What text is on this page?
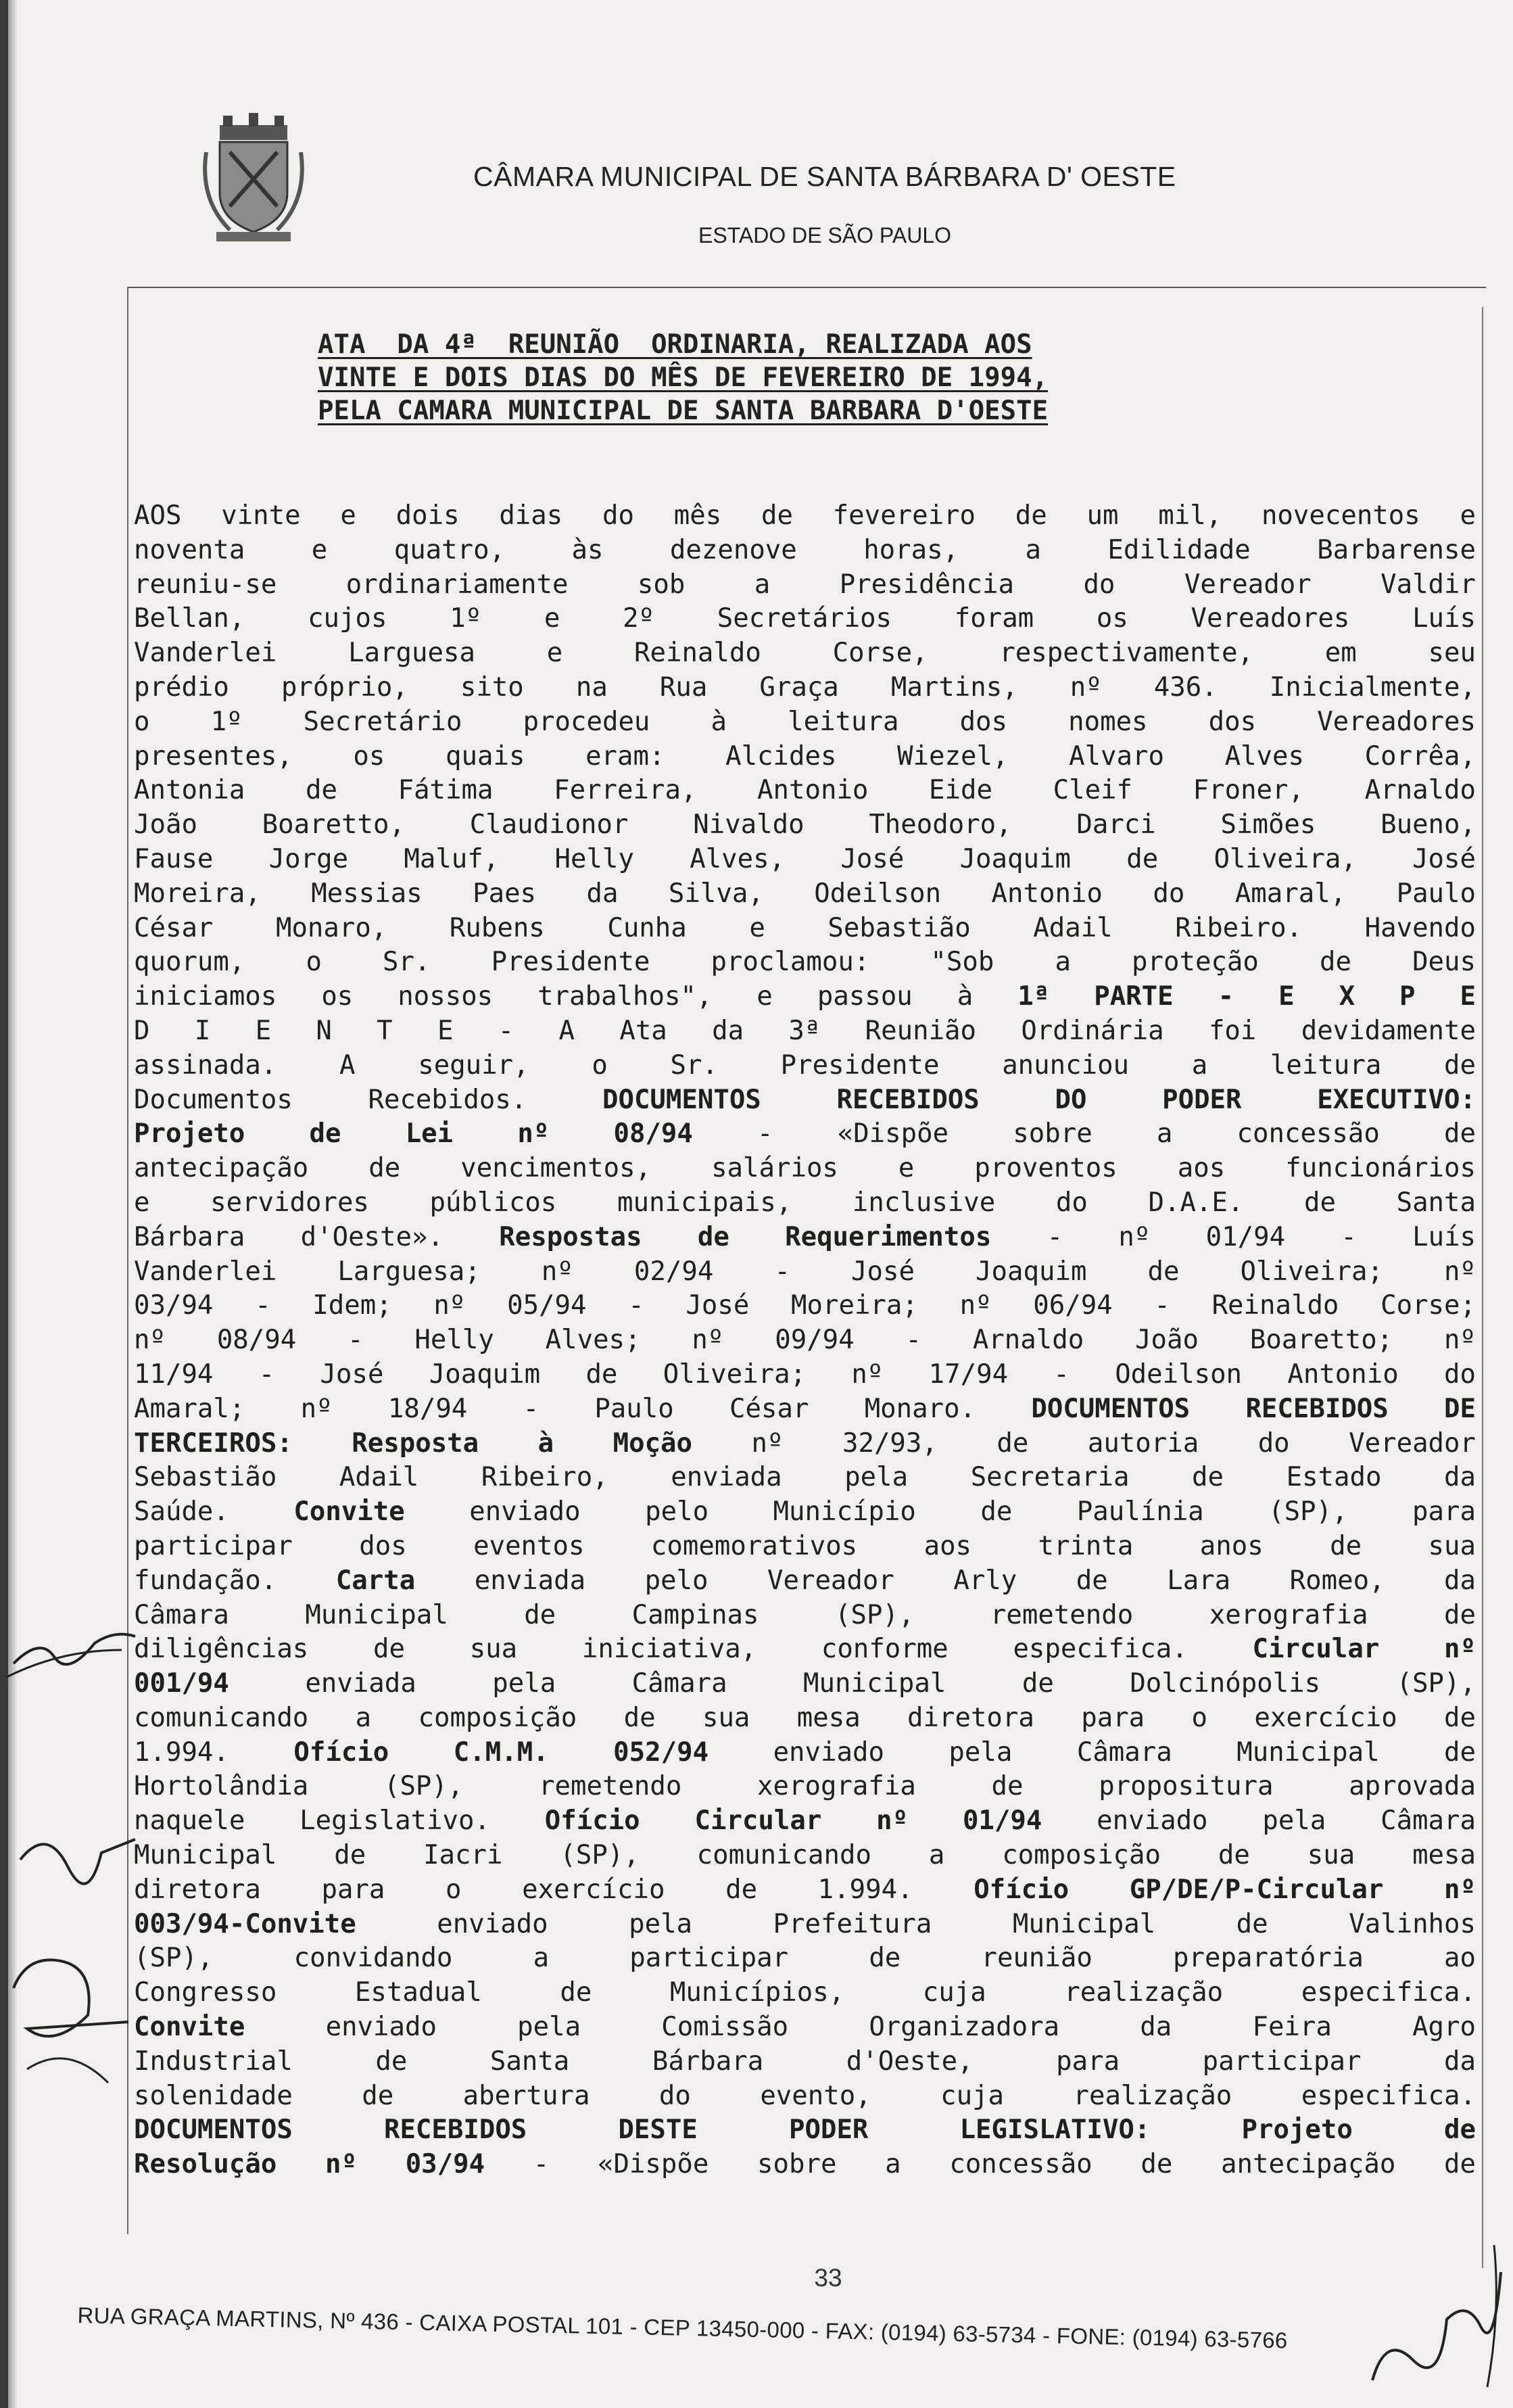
CÂMARA MUNICIPAL DE SANTA BÁRBARA D' OESTE
ESTADO DE SÃO PAULO
ATA  DA 4ª  REUNIÃO  ORDINARIA, REALIZADA AOS
VINTE E DOIS DIAS DO MÊS DE FEVEREIRO DE 1994,
PELA CAMARA MUNICIPAL DE SANTA BARBARA D'OESTE

AOS vinte e dois dias do mês de fevereiro de um mil, novecentos e

noventa e quatro, às dezenove horas, a Edilidade Barbarense

reuniu-se ordinariamente sob a Presidência do Vereador Valdir

Bellan, cujos 1º e 2º Secretários foram os Vereadores Luís

Vanderlei Larguesa e Reinaldo Corse, respectivamente, em seu

prédio próprio, sito na Rua Graça Martins, nº 436. Inicialmente,

o 1º Secretário procedeu à leitura dos nomes dos Vereadores

presentes, os quais eram: Alcides Wiezel, Alvaro Alves Corrêa,

Antonia de Fátima Ferreira, Antonio Eide Cleif Froner, Arnaldo

João Boaretto, Claudionor Nivaldo Theodoro, Darci Simões Bueno,

Fause Jorge Maluf, Helly Alves, José Joaquim de Oliveira, José

Moreira, Messias Paes da Silva, Odeilson Antonio do Amaral, Paulo

César Monaro, Rubens Cunha e Sebastião Adail Ribeiro. Havendo

quorum, o Sr. Presidente proclamou: "Sob a proteção de Deus

iniciamos os nossos trabalhos", e passou à 1ª PARTE - E X P E

D I E N T E - A Ata da 3ª Reunião Ordinária foi devidamente

assinada. A seguir, o Sr. Presidente anunciou a leitura de

Documentos Recebidos.	DOCUMENTOS RECEBIDOS DO PODER EXECUTIVO:

Projeto de Lei nº 08/94 - «Dispõe sobre a concessão de

antecipação de vencimentos, salários e proventos aos funcionários

e servidores públicos municipais, inclusive do D.A.E. de Santa

Bárbara d'Oeste». Respostas de Requerimentos - nº 01/94 - Luís

Vanderlei Larguesa; nº 02/94 - José Joaquim de Oliveira; nº

03/94 - Idem; nº 05/94 - José Moreira; nº 06/94 - Reinaldo Corse;

nº 08/94 - Helly Alves; nº 09/94 - Arnaldo João Boaretto; nº

11/94 - José Joaquim de Oliveira; nº 17/94 - Odeilson Antonio do

Amaral; nº 18/94 - Paulo César Monaro. DOCUMENTOS RECEBIDOS DE

TERCEIROS: Resposta à Moção nº 32/93, de autoria do Vereador

Sebastião Adail Ribeiro, enviada pela Secretaria de Estado da

Saúde. Convite enviado pelo Município de Paulínia (SP), para

participar dos eventos comemorativos aos trinta anos de sua

fundação. Carta enviada pelo Vereador Arly de Lara Romeo, da

Câmara Municipal de Campinas (SP), remetendo xerografia de

diligências de sua iniciativa, conforme especifica. Circular nº

001/94 enviada pela Câmara Municipal de Dolcinópolis (SP),

comunicando a composição de sua mesa diretora para o exercício de

1.994. Ofício C.M.M. 052/94 enviado pela Câmara Municipal de

Hortolândia (SP), remetendo xerografia de propositura aprovada

naquele Legislativo. Ofício Circular nº 01/94 enviado pela Câmara

Municipal de Iacri (SP), comunicando a composição de sua mesa

diretora para o exercício de 1.994. Ofício GP/DE/P-Circular nº

003/94-Convite enviado pela Prefeitura Municipal de Valinhos

(SP), convidando a participar de reunião preparatória ao

Congresso Estadual de Municípios, cuja realização especifica.

Convite enviado pela Comissão Organizadora da Feira Agro

Industrial de Santa Bárbara d'Oeste, para participar da

solenidade de abertura do evento, cuja realização especifica.

DOCUMENTOS RECEBIDOS DESTE PODER LEGISLATIVO: Projeto de

Resolução nº 03/94 - «Dispõe sobre a concessão de antecipação de

33
RUA GRAÇA MARTINS, Nº 436 - CAIXA POSTAL 101 - CEP 13450-000 - FAX: (0194) 63-5734 - FONE: (0194) 63-5766
